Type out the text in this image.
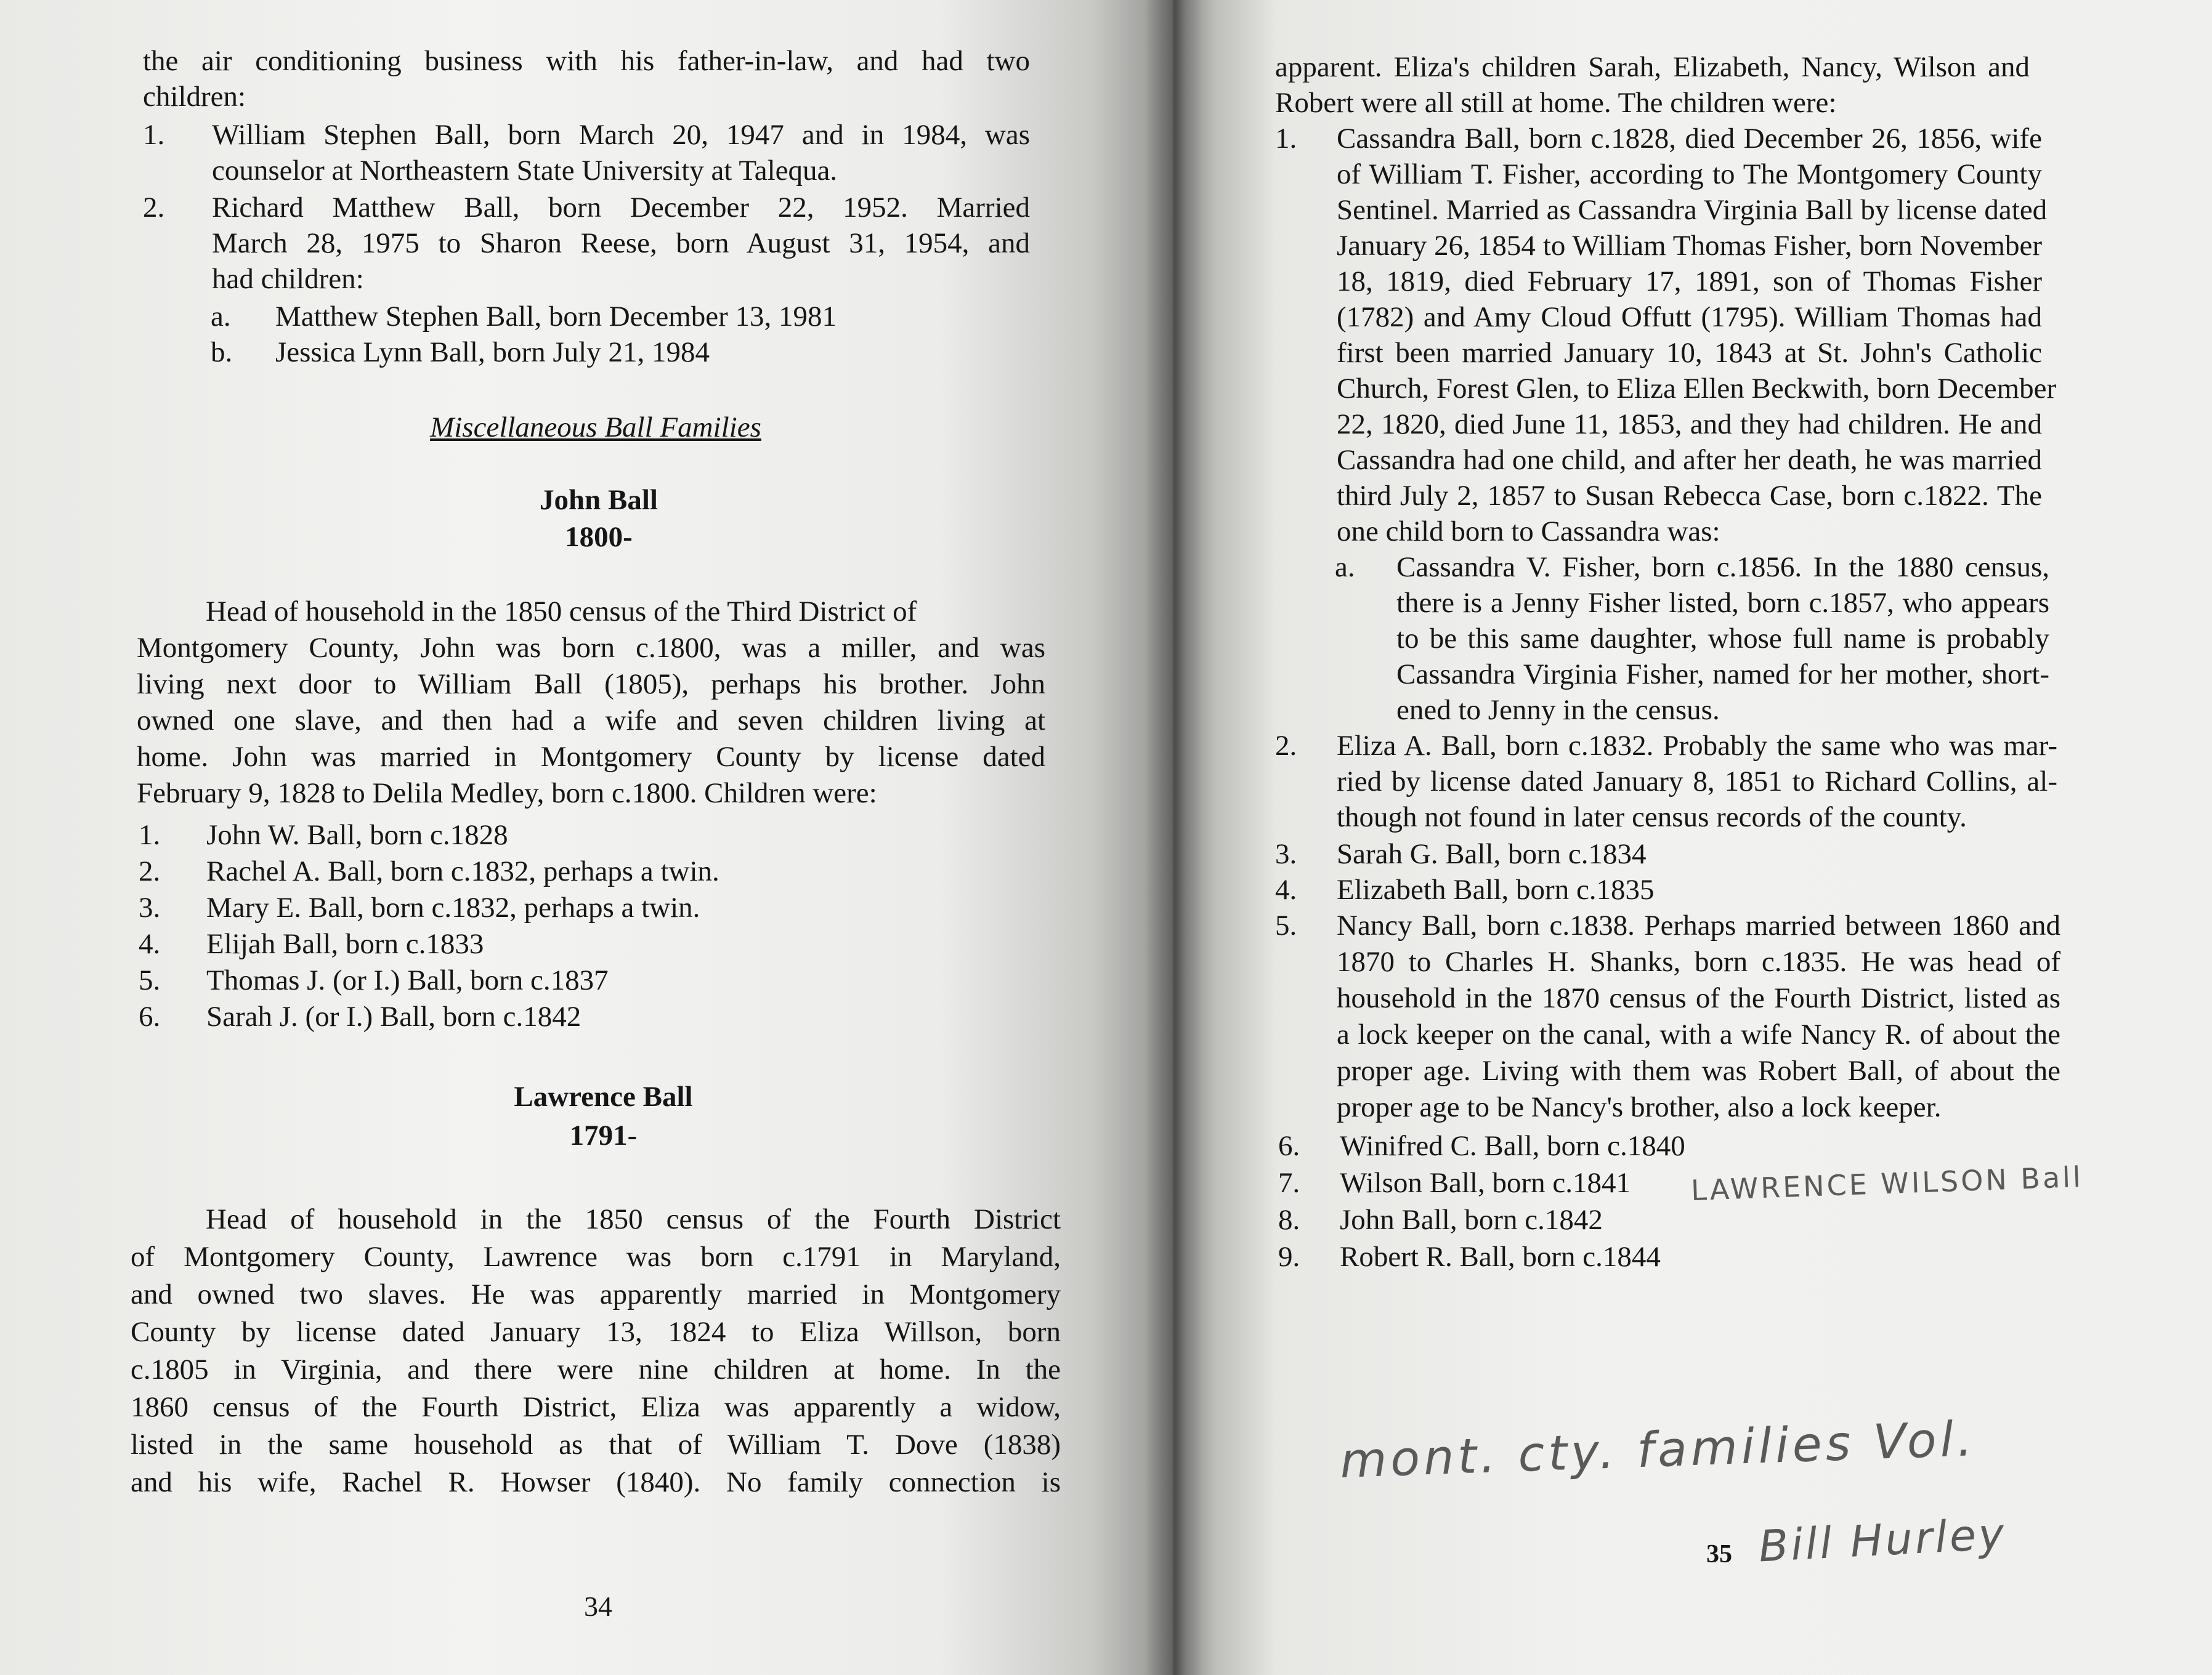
the air conditioning business with his father-in-law, and had two
children:
1. William Stephen Ball, born March 20, 1947 and in 1984, was
counselor at Northeastern State University at Talequa.
2. Richard Matthew Ball, born December 22, 1952. Married
March 28, 1975 to Sharon Reese, born August 31, 1954, and
had children:
a. Matthew Stephen Ball, born December 13, 1981
b. Jessica Lynn Ball, born July 21, 1984
Miscellaneous Ball Families
John Ball
1800-
Head of household in the 1850 census of the Third District of
Montgomery County, John was born c.1800, was a miller, and was
living next door to William Ball (1805), perhaps his brother. John
owned one slave, and then had a wife and seven children living at
home. John was married in Montgomery County by license dated
February 9, 1828 to Delila Medley, born c.1800. Children were:
1. John W. Ball, born c.1828
2. Rachel A. Ball, born c.1832, perhaps a twin.
3. Mary E. Ball, born c.1832, perhaps a twin.
4. Elijah Ball, born c.1833
5. Thomas J. (or I.) Ball, born c.1837
6. Sarah J. (or I.) Ball, born c.1842
Lawrence Ball
1791-
Head of household in the 1850 census of the Fourth District
of Montgomery County, Lawrence was born c.1791 in Maryland,
and owned two slaves. He was apparently married in Montgomery
County by license dated January 13, 1824 to Eliza Willson, born
c.1805 in Virginia, and there were nine children at home. In the
1860 census of the Fourth District, Eliza was apparently a widow,
listed in the same household as that of William T. Dove (1838)
and his wife, Rachel R. Howser (1840). No family connection is
34
apparent. Eliza's children Sarah, Elizabeth, Nancy, Wilson and
Robert were all still at home. The children were:
1. Cassandra Ball, born c.1828, died December 26, 1856, wife
of William T. Fisher, according to The Montgomery County
Sentinel. Married as Cassandra Virginia Ball by license dated
January 26, 1854 to William Thomas Fisher, born November
18, 1819, died February 17, 1891, son of Thomas Fisher
(1782) and Amy Cloud Offutt (1795). William Thomas had
first been married January 10, 1843 at St. John's Catholic
Church, Forest Glen, to Eliza Ellen Beckwith, born December
22, 1820, died June 11, 1853, and they had children. He and
Cassandra had one child, and after her death, he was married
third July 2, 1857 to Susan Rebecca Case, born c.1822. The
one child born to Cassandra was:
a. Cassandra V. Fisher, born c.1856. In the 1880 census,
there is a Jenny Fisher listed, born c.1857, who appears
to be this same daughter, whose full name is probably
Cassandra Virginia Fisher, named for her mother, short-
ened to Jenny in the census.
2. Eliza A. Ball, born c.1832. Probably the same who was mar-
ried by license dated January 8, 1851 to Richard Collins, al-
though not found in later census records of the county.
3. Sarah G. Ball, born c.1834
4. Elizabeth Ball, born c.1835
5. Nancy Ball, born c.1838. Perhaps married between 1860 and
1870 to Charles H. Shanks, born c.1835. He was head of
household in the 1870 census of the Fourth District, listed as
a lock keeper on the canal, with a wife Nancy R. of about the
proper age. Living with them was Robert Ball, of about the
proper age to be Nancy's brother, also a lock keeper.
6. Winifred C. Ball, born c.1840
7. Wilson Ball, born c.1841
8. John Ball, born c.1842
9. Robert R. Ball, born c.1844
LAWRENCE WILSON Ball
mont. cty. families Vol.
Bill Hurley
35
